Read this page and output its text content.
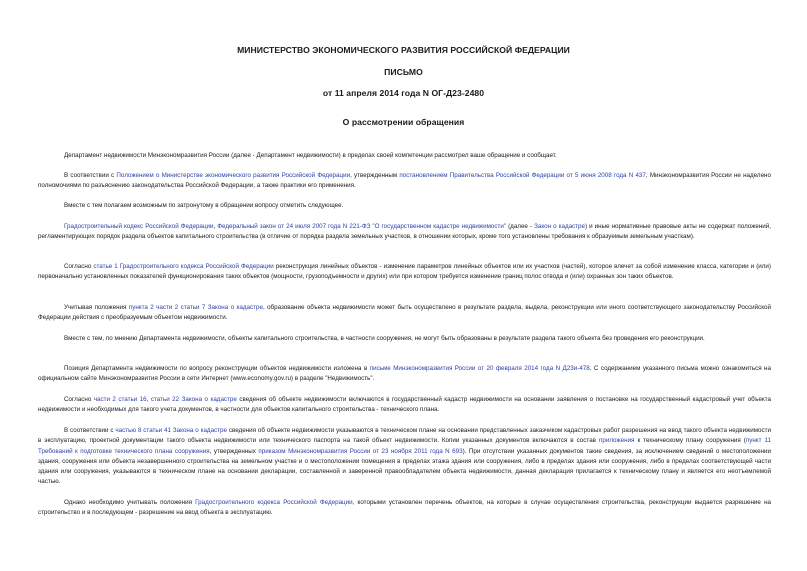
МИНИСТЕРСТВО ЭКОНОМИЧЕСКОГО РАЗВИТИЯ РОССИЙСКОЙ ФЕДЕРАЦИИ
ПИСЬМО
от 11 апреля 2014 года N ОГ-Д23-2480
О рассмотрении обращения

Департамент недвижимости Минэкономразвития России (далее - Департамент недвижимости) в пределах своей компетенции рассмотрел ваше обращение и сообщает.

В соответствии с Положением о Министерстве экономического развития Российской Федерации, утвержденным постановлением Правительства Российской Федерации от 5 июня 2008 года N 437, Минэкономразвития России не наделено полномочиями по разъяснению законодательства Российской Федерации, а также практики его применения.

Вместе с тем полагаем возможным по затронутому в обращении вопросу отметить следующее.

Градостроительный кодекс Российской Федерации, Федеральный закон от 24 июля 2007 года N 221-ФЗ "О государственном кадастре недвижимости" (далее - Закон о кадастре) и иные нормативные правовые акты не содержат положений, регламентирующих порядок раздела объектов капитального строительства (в отличие от порядка раздела земельных участков, в отношении которых, кроме того установлены требования к образуемым земельным участкам).

Согласно статье 1 Градостроительного кодекса Российской Федерации реконструкция линейных объектов - изменение параметров линейных объектов или их участков (частей), которое влечет за собой изменение класса, категории и (или) первоначально установленных показателей функционирования таких объектов (мощности, грузоподъемности и других) или при котором требуется изменение границ полос отвода и (или) охранных зон таких объектов.

Учитывая положения пункта 2 части 2 статьи 7 Закона о кадастре, образование объекта недвижимости может быть осуществлено в результате раздела, выдела, реконструкции или иного соответствующего законодательству Российской Федерации действия с преобразуемым объектом недвижимости.

Вместе с тем, по мнению Департамента недвижимости, объекты капитального строительства, в частности сооружения, не могут быть образованы в результате раздела такого объекта без проведения его реконструкции.

Позиция Департамента недвижимости по вопросу реконструкции объектов недвижимости изложена в письме Минэкономразвития России от 20 февраля 2014 года N Д23и-478. С содержанием указанного письма можно ознакомиться на официальном сайте Минэкономразвития России в сети Интернет (www.economy.gov.ru) в разделе "Недвижимость".

Согласно части 2 статьи 16, статьи 22 Закона о кадастре сведения об объекте недвижимости включаются в государственный кадастр недвижимости на основании заявления о постановке на государственный кадастровый учет объекта недвижимости и необходимых для такого учета документов, в частности для объектов капитального строительства - технического плана.

В соответствии с частью 8 статьи 41 Закона о кадастре сведения об объекте недвижимости указываются в техническом плане на основании представленных заказчиком кадастровых работ разрешения на ввод такого объекта недвижимости в эксплуатацию, проектной документации такого объекта недвижимости или технического паспорта на такой объект недвижимости. Копии указанных документов включаются в состав приложения к техническому плану сооружения (пункт 11 Требований к подготовке технического плана сооружения, утвержденных приказом Минэкономразвития России от 23 ноября 2011 года N 693). При отсутствии указанных документов такие сведения, за исключением сведений о местоположении здания, сооружения или объекта незавершенного строительства на земельном участке и о местоположении помещения в пределах этажа здания или сооружения, либо в пределах здания или сооружения, либо в пределах соответствующей части здания или сооружения, указываются в техническом плане на основании декларации, составленной и заверенной правообладателем объекта недвижимости, данная декларация прилагается к техническому плану и является его неотъемлемой частью.

Однако необходимо учитывать положения Градостроительного кодекса Российской Федерации, которыми установлен перечень объектов, на которые в случае осуществления строительства, реконструкции выдается разрешение на строительство и в последующем - разрешение на ввод объекта в эксплуатацию.
